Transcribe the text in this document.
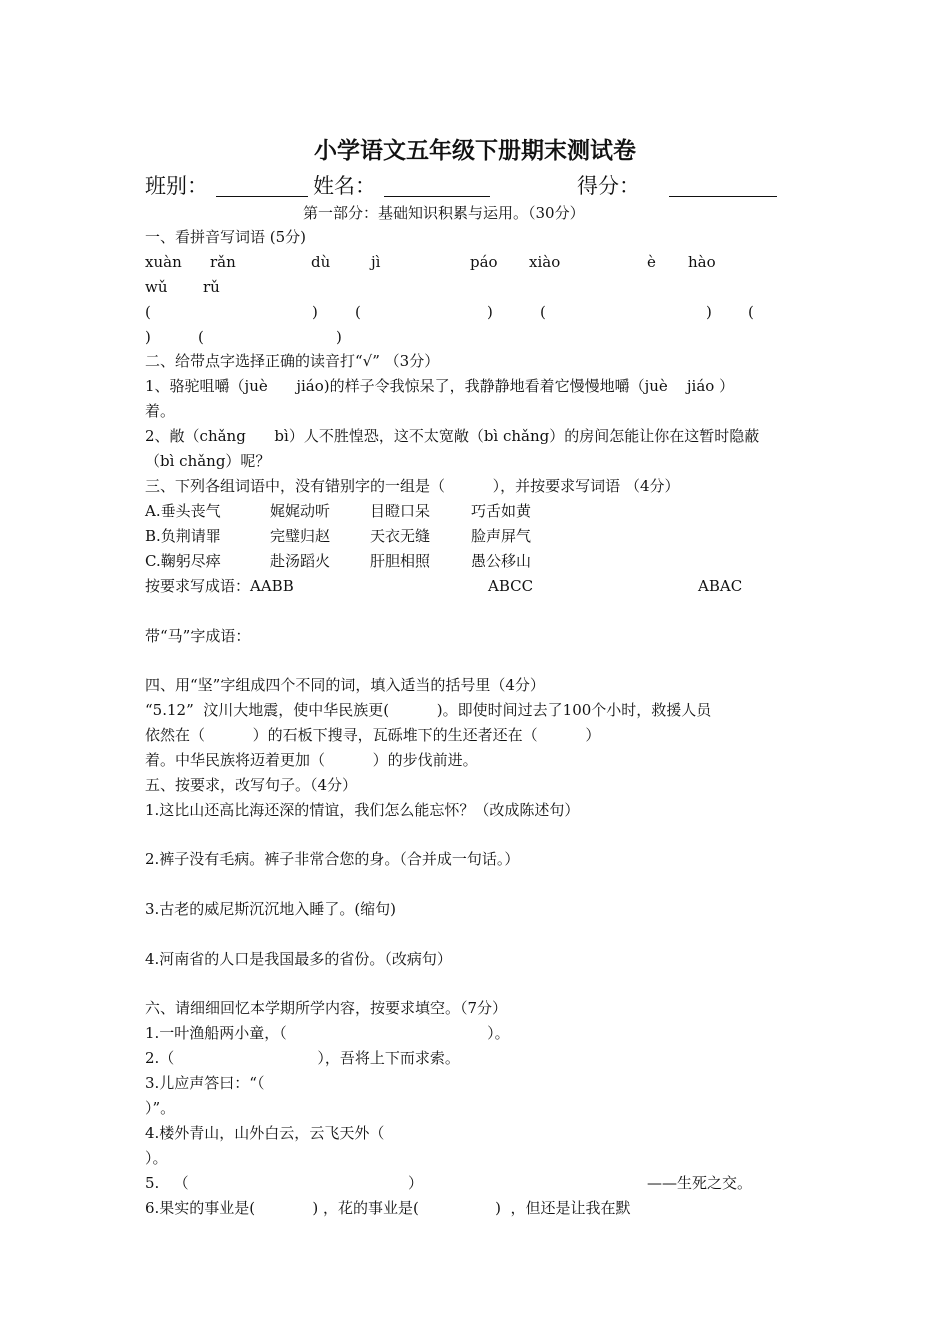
小学语文五年级下册期末测试卷
班别：	姓名：	得分：
第一部分：基础知识积累与运用。（30分）
一、看拼音写词语 (5分)
xuàn rǎn	dù	jì	páo xiào	è hào
wǔ rǔ
(	) (	)	(	) (
)	(	)
二、给带点字选择正确的读音打“√” （3分）
1、骆驼咀嚼（juè      jiáo)的样子令我惊呆了，我静静地看着它慢慢地嚼（juè    jiáo ）
着。
2、敞（chǎng      bì）人不胜惶恐，这不太宽敞（bì chǎng）的房间怎能让你在这暂时隐蔽
（bì chǎng）呢？
三、下列各组词语中，没有错别字的一组是（          ），并按要求写词语 （4分）
A.垂头丧气	娓娓动听	目瞪口呆	巧舌如黄
B.负荆请罪	完璧归赵	天衣无缝	脸声屏气
C.鞠躬尽瘁	赴汤蹈火	肝胆相照	愚公移山
按要求写成语：AABB	ABCC	ABAC
带“马”字成语：
四、用“坚”字组成四个不同的词，填入适当的括号里（4分）
“5.12”  汶川大地震，使中华民族更(          )。即使时间过去了100个小时，救援人员
依然在（          ）的石板下搜寻，瓦砾堆下的生还者还在（          ）
着。中华民族将迈着更加（          ）的步伐前进。
五、按要求，改写句子。（4分）
1.这比山还高比海还深的情谊，我们怎么能忘怀？（改成陈述句）
2.裤子没有毛病。裤子非常合您的身。（合并成一句话。）
3.古老的威尼斯沉沉地入睡了。(缩句)
4.河南省的人口是我国最多的省份。（改病句）
六、请细细回忆本学期所学内容，按要求填空。（7分）
1.一叶渔船两小童，（                                          ）。
2.（                              ），吾将上下而求索。
3.儿应声答曰：“（
）”。
4.楼外青山，山外白云，云飞天外（
）。
5.   （                                              ）	——生死之交。
6.果实的事业是(            ) ，花的事业是(                )  ，但还是让我在默
